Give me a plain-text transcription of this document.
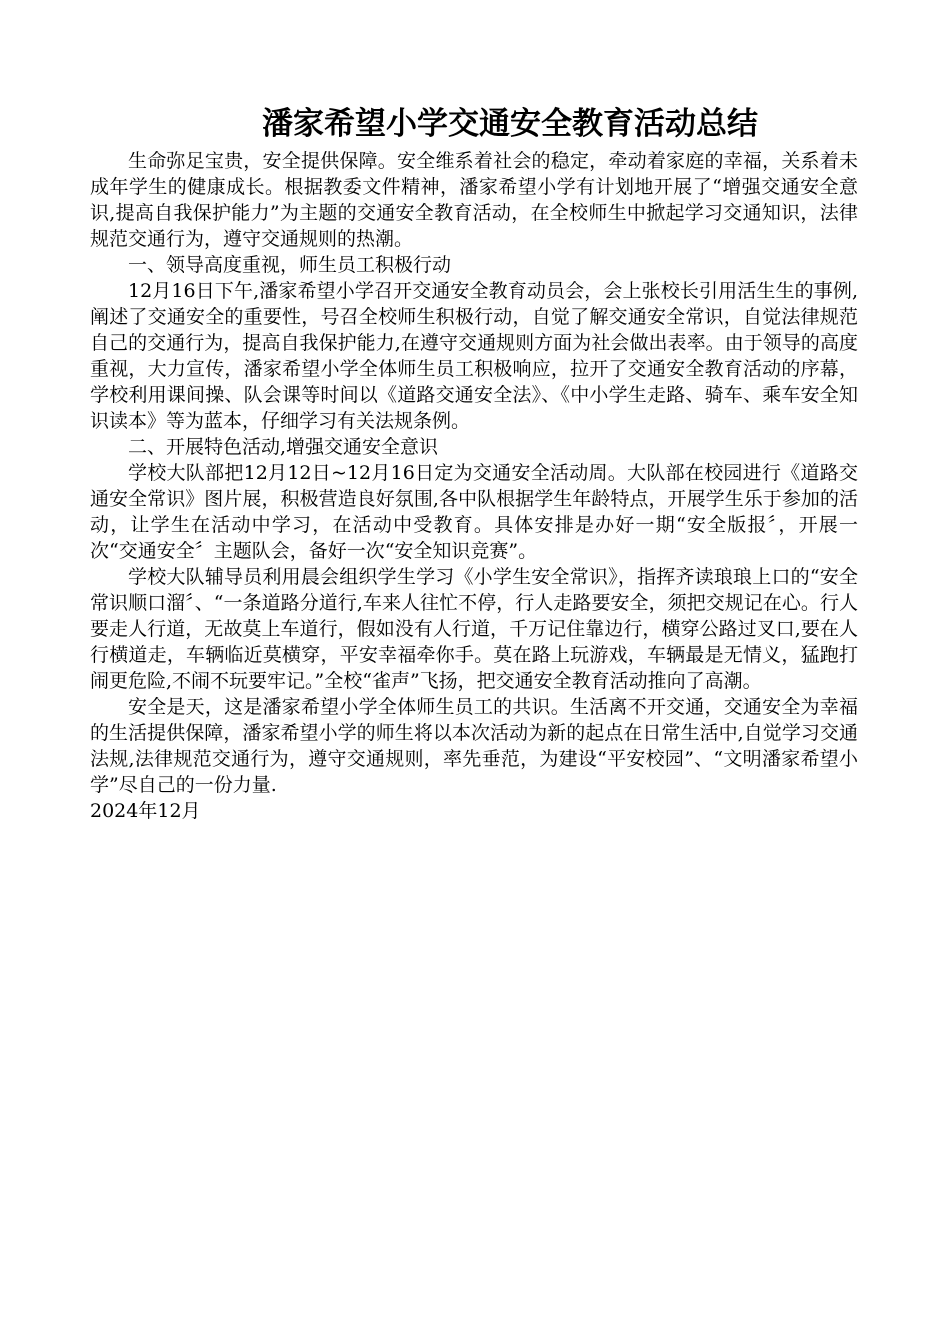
潘家希望小学交通安全教育活动总结

生命弥足宝贵，安全提供保障。安全维系着社会的稳定，牵动着家庭的幸福，关系着未成年学生的健康成长。根据教委文件精神，潘家希望小学有计划地开展了“增强交通安全意识,提高自我保护能力”为主题的交通安全教育活动，在全校师生中掀起学习交通知识，法律规范交通行为，遵守交通规则的热潮。

一、领导高度重视，师生员工积极行动

12月16日下午,潘家希望小学召开交通安全教育动员会，会上张校长引用活生生的事例,阐述了交通安全的重要性，号召全校师生积极行动，自觉了解交通安全常识，自觉法律规范自己的交通行为，提高自我保护能力,在遵守交通规则方面为社会做出表率。由于领导的高度重视，大力宣传，潘家希望小学全体师生员工积极响应，拉开了交通安全教育活动的序幕，学校利用课间操、队会课等时间以《道路交通安全法》、《中小学生走路、骑车、乘车安全知识读本》等为蓝本，仔细学习有关法规条例。

二、开展特色活动,增强交通安全意识

学校大队部把12月12日~12月16日定为交通安全活动周。大队部在校园进行《道路交通安全常识》图片展，积极营造良好氛围,各中队根据学生年龄特点，开展学生乐于参加的活动，让学生在活动中学习，在活动中受教育。具体安排是办好一期“安全版报〞，开展一次“交通安全〞主题队会，备好一次“安全知识竞赛”。

学校大队辅导员利用晨会组织学生学习《小学生安全常识》，指挥齐读琅琅上口的“安全常识顺口溜〞、“一条道路分道行,车来人往忙不停，行人走路要安全，须把交规记在心。行人要走人行道，无故莫上车道行，假如没有人行道，千万记住靠边行，横穿公路过叉口,要在人行横道走，车辆临近莫横穿，平安幸福牵你手。莫在路上玩游戏，车辆最是无情义，猛跑打闹更危险,不闹不玩要牢记。”全校“雀声”飞扬，把交通安全教育活动推向了高潮。

安全是天，这是潘家希望小学全体师生员工的共识。生活离不开交通，交通安全为幸福的生活提供保障，潘家希望小学的师生将以本次活动为新的起点在日常生活中,自觉学习交通法规,法律规范交通行为，遵守交通规则，率先垂范，为建设“平安校园”、“文明潘家希望小学”尽自己的一份力量.

2024年12月
